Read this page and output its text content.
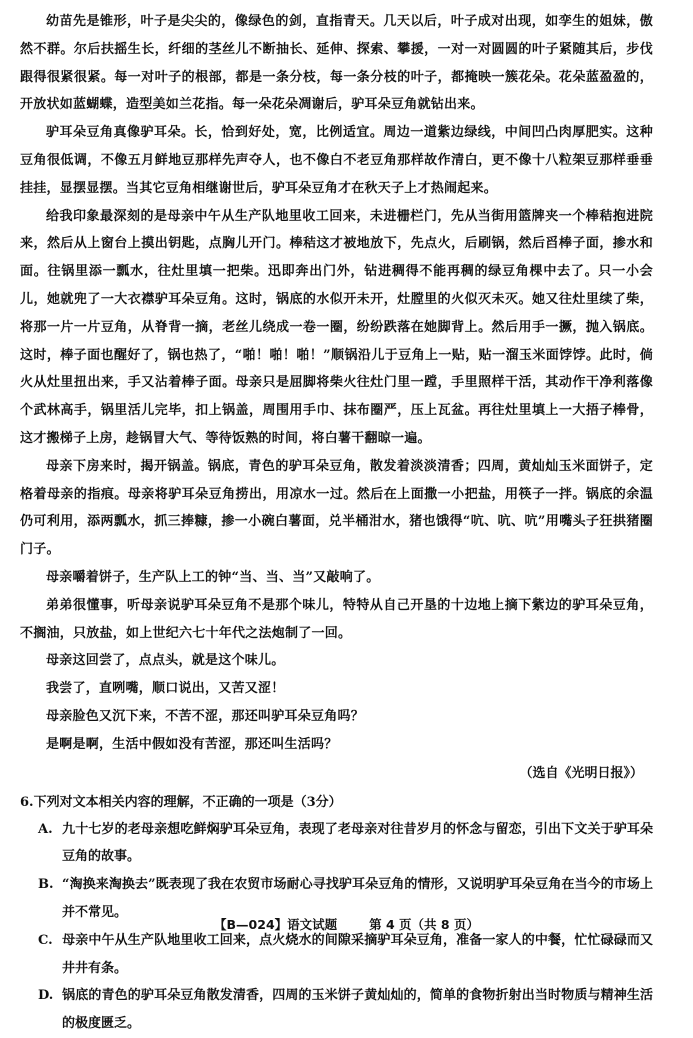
幼苗先是锥形，叶子是尖尖的，像绿色的剑，直指青天。几天以后，叶子成对出现，如孪生的姐妹，傲然不群。尔后扶摇生长，纤细的茎丝儿不断抽长、延伸、探索、攀援，一对一对圆圆的叶子紧随其后，步伐跟得很紧很紧。每一对叶子的根部，都是一条分枝，每一条分枝的叶子，都掩映一簇花朵。花朵蓝盈盈的，开放状如蓝蝴蝶，造型美如兰花指。每一朵花朵凋谢后，驴耳朵豆角就钻出来。

驴耳朵豆角真像驴耳朵。长，恰到好处，宽，比例适宜。周边一道紫边绿线，中间凹凸肉厚肥实。这种豆角很低调，不像五月鲜地豆那样先声夺人，也不像白不老豆角那样故作清白，更不像十八粒架豆那样垂垂挂挂，显摆显摆。当其它豆角相继谢世后，驴耳朵豆角才在秋天子上才热闹起来。

给我印象最深刻的是母亲中午从生产队地里收工回来，未进栅栏门，先从当街用篮牌夹一个棒秸抱进院来，然后从上窗台上摸出钥匙，点胸儿开门。棒秸这才被地放下，先点火，后刷锅，然后舀棒子面，掺水和面。往锅里添一瓢水，往灶里填一把柴。迅即奔出门外，钻进稠得不能再稠的绿豆角棵中去了。只一小会儿，她就兜了一大衣襟驴耳朵豆角。这时，锅底的水似开未开，灶膛里的火似灭未灭。她又往灶里续了柴，将那一片一片豆角，从脊背一摘，老丝儿绕成一卷一圈，纷纷跌落在她脚背上。然后用手一撅，抛入锅底。这时，棒子面也醒好了，锅也热了，“啪！啪！啪！”顺锅沿儿于豆角上一贴，贴一溜玉米面饽饽。此时，倘火从灶里扭出来，手又沾着棒子面。母亲只是屈脚将柴火往灶门里一蹚，手里照样干活，其动作干净利落像个武林高手，锅里活儿完毕，扣上锅盖，周围用手巾、抹布圈严，压上瓦盆。再往灶里填上一大捂子棒骨，这才搬梯子上房，趁锅冒大气、等待饭熟的时间，将白薯干翻晾一遍。

母亲下房来时，揭开锅盖。锅底，青色的驴耳朵豆角，散发着淡淡清香；四周，黄灿灿玉米面饼子，定格着母亲的指痕。母亲将驴耳朵豆角捞出，用凉水一过。然后在上面撒一小把盐，用筷子一拌。锅底的余温仍可利用，添两瓢水，抓三捧糠，掺一小碗白薯面，兑半桶泔水，猪也饿得“吭、吭、吭”用嘴头子狂拱猪圈门子。

母亲嚼着饼子，生产队上工的钟“当、当、当”又敲响了。

弟弟很懂事，听母亲说驴耳朵豆角不是那个味儿，特特从自己开垦的十边地上摘下紫边的驴耳朵豆角，不搁油，只放盐，如上世纪六七十年代之法炮制了一回。

母亲这回尝了，点点头，就是这个味儿。

我尝了，直咧嘴，顺口说出，又苦又涩！

母亲脸色又沉下来，不苦不涩，那还叫驴耳朵豆角吗？

是啊是啊，生活中假如没有苦涩，那还叫生活吗？

（选自《光明日报》）

6.下列对文本相关内容的理解，不正确的一项是（3分）

A. 九十七岁的老母亲想吃鲜焖驴耳朵豆角，表现了老母亲对往昔岁月的怀念与留恋，引出下文关于驴耳朵豆角的故事。

B. “淘换来淘换去”既表现了我在农贸市场耐心寻找驴耳朵豆角的情形，又说明驴耳朵豆角在当今的市场上并不常见。

C. 母亲中午从生产队地里收工回来，点火烧水的间隙采摘驴耳朵豆角，准备一家人的中餐，忙忙碌碌而又井井有条。

D. 锅底的青色的驴耳朵豆角散发清香，四周的玉米饼子黄灿灿的，简单的食物折射出当时物质与精神生活的极度匮乏。

【B—024】语文试题	第 4 页（共 8 页）
